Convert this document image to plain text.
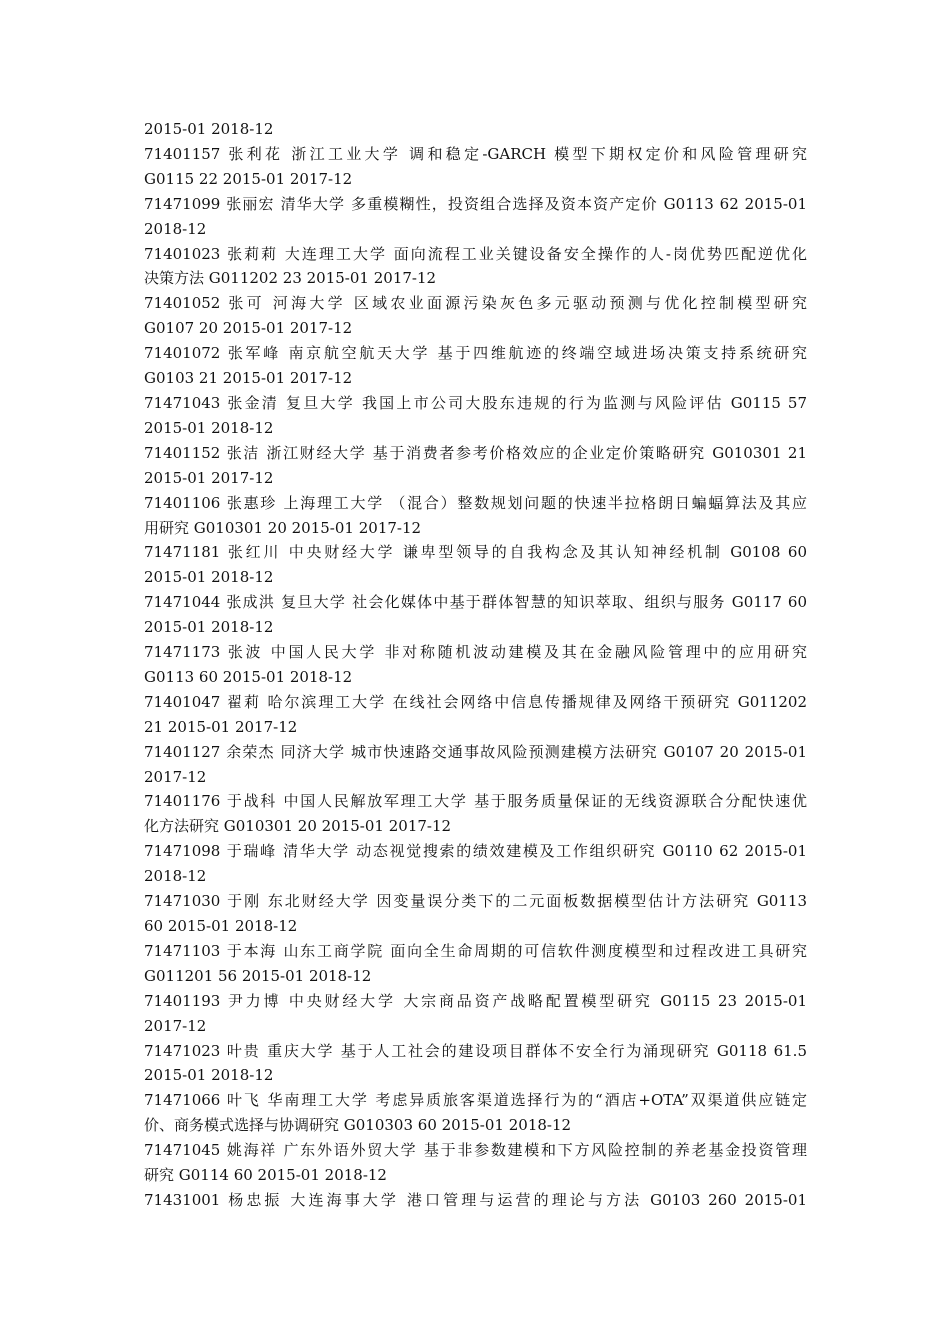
2015-01 2018-12
71401157 张利花 浙江工业大学 调和稳定-GARCH 模型下期权定价和风险管理研究
G0115 22 2015-01 2017-12
71471099 张丽宏 清华大学 多重模糊性，投资组合选择及资本资产定价 G0113 62 2015-01
2018-12
71401023 张莉莉 大连理工大学 面向流程工业关键设备安全操作的人-岗优势匹配逆优化
决策方法 G011202 23 2015-01 2017-12
71401052 张可 河海大学 区域农业面源污染灰色多元驱动预测与优化控制模型研究
G0107 20 2015-01 2017-12
71401072 张军峰 南京航空航天大学 基于四维航迹的终端空域进场决策支持系统研究
G0103 21 2015-01 2017-12
71471043 张金清 复旦大学 我国上市公司大股东违规的行为监测与风险评估 G0115 57
2015-01 2018-12
71401152 张洁 浙江财经大学 基于消费者参考价格效应的企业定价策略研究 G010301 21
2015-01 2017-12
71401106 张惠珍 上海理工大学 （混合）整数规划问题的快速半拉格朗日蝙蝠算法及其应
用研究 G010301 20 2015-01 2017-12
71471181 张红川 中央财经大学 谦卑型领导的自我构念及其认知神经机制 G0108 60
2015-01 2018-12
71471044 张成洪 复旦大学 社会化媒体中基于群体智慧的知识萃取、组织与服务 G0117 60
2015-01 2018-12
71471173 张波 中国人民大学 非对称随机波动建模及其在金融风险管理中的应用研究
G0113 60 2015-01 2018-12
71401047 翟莉 哈尔滨理工大学 在线社会网络中信息传播规律及网络干预研究 G011202
21 2015-01 2017-12
71401127 余荣杰 同济大学 城市快速路交通事故风险预测建模方法研究 G0107 20 2015-01
2017-12
71401176 于战科 中国人民解放军理工大学 基于服务质量保证的无线资源联合分配快速优
化方法研究 G010301 20 2015-01 2017-12
71471098 于瑞峰 清华大学 动态视觉搜索的绩效建模及工作组织研究 G0110 62 2015-01
2018-12
71471030 于刚 东北财经大学 因变量误分类下的二元面板数据模型估计方法研究 G0113
60 2015-01 2018-12
71471103 于本海 山东工商学院 面向全生命周期的可信软件测度模型和过程改进工具研究
G011201 56 2015-01 2018-12
71401193 尹力博 中央财经大学 大宗商品资产战略配置模型研究 G0115 23 2015-01
2017-12
71471023 叶贵 重庆大学 基于人工社会的建设项目群体不安全行为涌现研究 G0118 61.5
2015-01 2018-12
71471066 叶飞 华南理工大学 考虑异质旅客渠道选择行为的“酒店+OTA”双渠道供应链定
价、商务模式选择与协调研究 G010303 60 2015-01 2018-12
71471045 姚海祥 广东外语外贸大学 基于非参数建模和下方风险控制的养老基金投资管理
研究 G0114 60 2015-01 2018-12
71431001 杨忠振 大连海事大学 港口管理与运营的理论与方法 G0103 260 2015-01
